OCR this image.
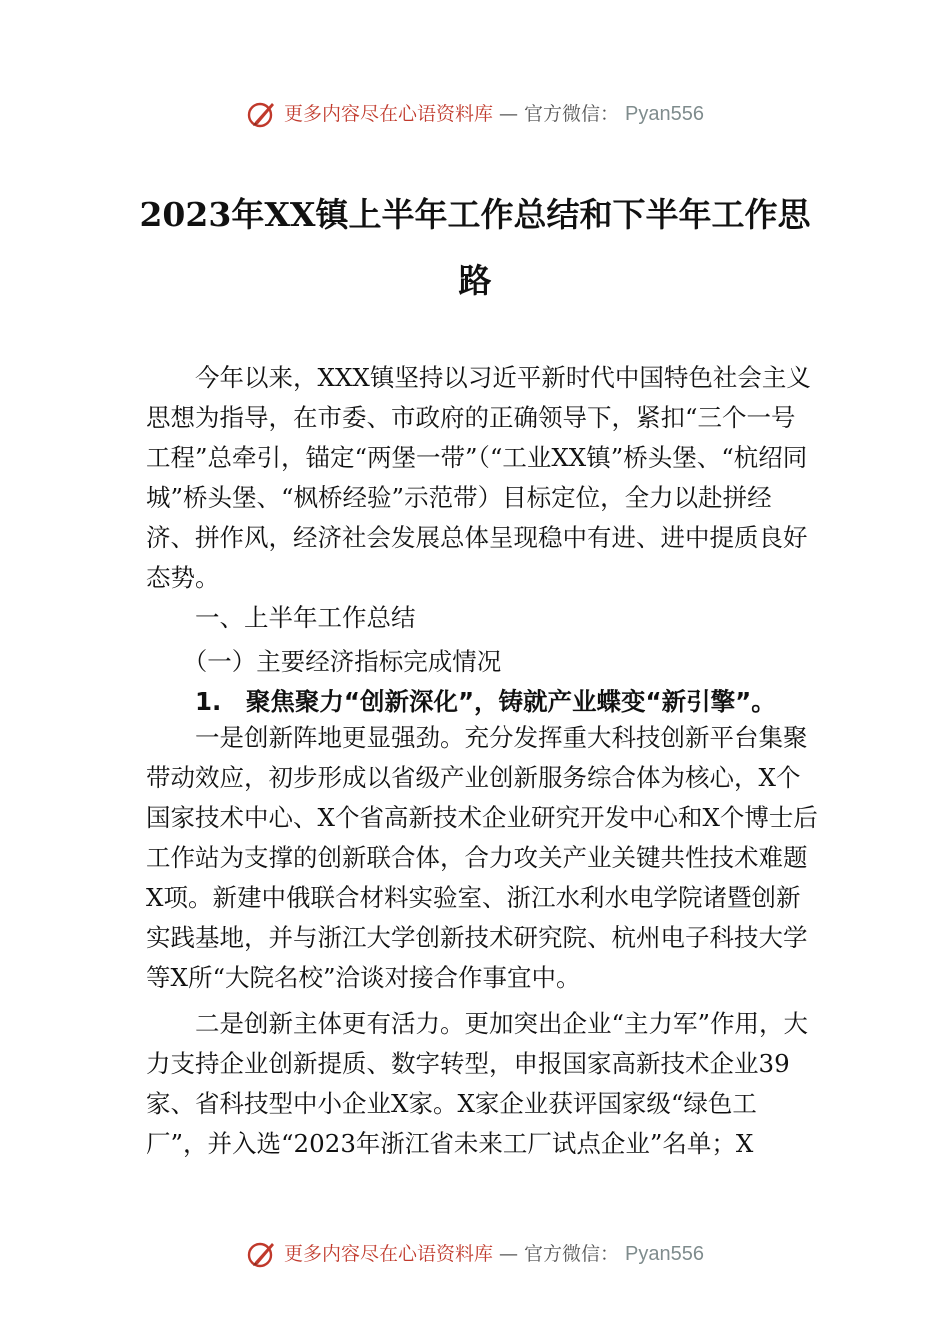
更多内容尽在心语资料库 — 官方微信： Pyan556
2023年XX镇上半年工作总结和下半年工作思路

今年以来，XXX镇坚持以习近平新时代中国特色社会主义思想为指导，在市委、市政府的正确领导下，紧扣“三个一号工程”总牵引，锚定“两堡一带”（“工业XX镇”桥头堡、“杭绍同城”桥头堡、“枫桥经验”示范带）目标定位，全力以赴拼经济、拼作风，经济社会发展总体呈现稳中有进、进中提质良好态势。

一、上半年工作总结

（一）主要经济指标完成情况

1.　聚焦聚力“创新深化”，铸就产业蝶变“新引擎”。

一是创新阵地更显强劲。充分发挥重大科技创新平台集聚带动效应，初步形成以省级产业创新服务综合体为核心，X个国家技术中心、X个省高新技术企业研究开发中心和X个博士后工作站为支撑的创新联合体，合力攻关产业关键共性技术难题X项。新建中俄联合材料实验室、浙江水利水电学院诸暨创新实践基地，并与浙江大学创新技术研究院、杭州电子科技大学等X所“大院名校”洽谈对接合作事宜中。

二是创新主体更有活力。更加突出企业“主力军”作用，大力支持企业创新提质、数字转型，申报国家高新技术企业39家、省科技型中小企业X家。X家企业获评国家级“绿色工厂”，并入选“2023年浙江省未来工厂试点企业”名单；X

更多内容尽在心语资料库 — 官方微信： Pyan556
